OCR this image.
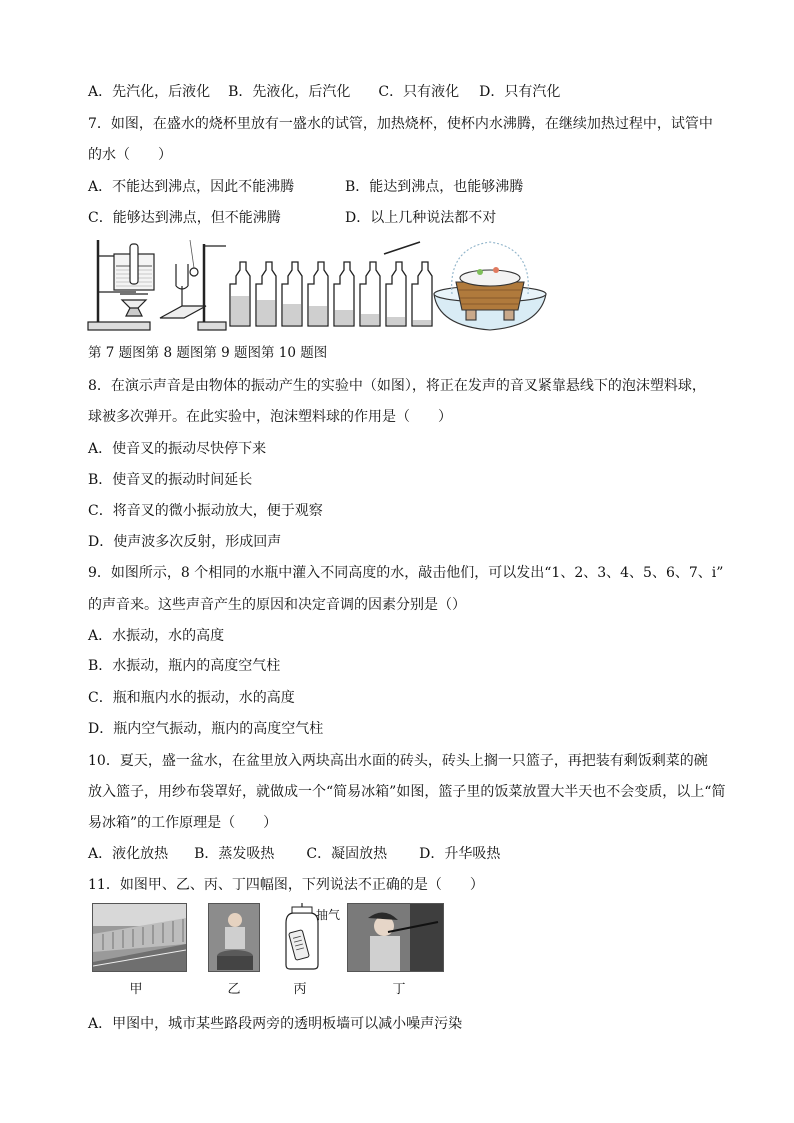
A．先汽化，后液化 B．先液化，后汽化 C．只有液化 D．只有汽化
7．如图，在盛水的烧杯里放有一盛水的试管，加热烧杯，使杯内水沸腾，在继续加热过程中，试管中
的水（　　）
A．不能达到沸点，因此不能沸腾	B．能达到沸点，也能够沸腾
C．能够达到沸点，但不能沸腾	D．以上几种说法都不对
第 7 题图第 8 题图第 9 题图第 10 题图
8．在演示声音是由物体的振动产生的实验中（如图），将正在发声的音叉紧靠悬线下的泡沫塑料球，
球被多次弹开。在此实验中，泡沫塑料球的作用是（　　）
A．使音叉的振动尽快停下来
B．使音叉的振动时间延长
C．将音叉的微小振动放大，便于观察
D．使声波多次反射，形成回声
9．如图所示，8 个相同的水瓶中灌入不同高度的水，敲击他们，可以发出“1、2、3、4、5、6、7、i”
的声音来。这些声音产生的原因和决定音调的因素分别是（）
A．水振动，水的高度
B．水振动，瓶内的高度空气柱
C．瓶和瓶内水的振动，水的高度
D．瓶内空气振动，瓶内的高度空气柱
10．夏天，盛一盆水，在盆里放入两块高出水面的砖头，砖头上搁一只篮子，再把装有剩饭剩菜的碗
放入篮子，用纱布袋罩好，就做成一个“简易冰箱”如图，篮子里的饭菜放置大半天也不会变质，以上“简
易冰箱”的工作原理是（　　）
A．液化放热 B．蒸发吸热 C．凝固放热 D．升华吸热
11．如图甲、乙、丙、丁四幅图，下列说法不正确的是（　　）
抽气
甲	乙	丙	丁
A．甲图中，城市某些路段两旁的透明板墙可以减小噪声污染
